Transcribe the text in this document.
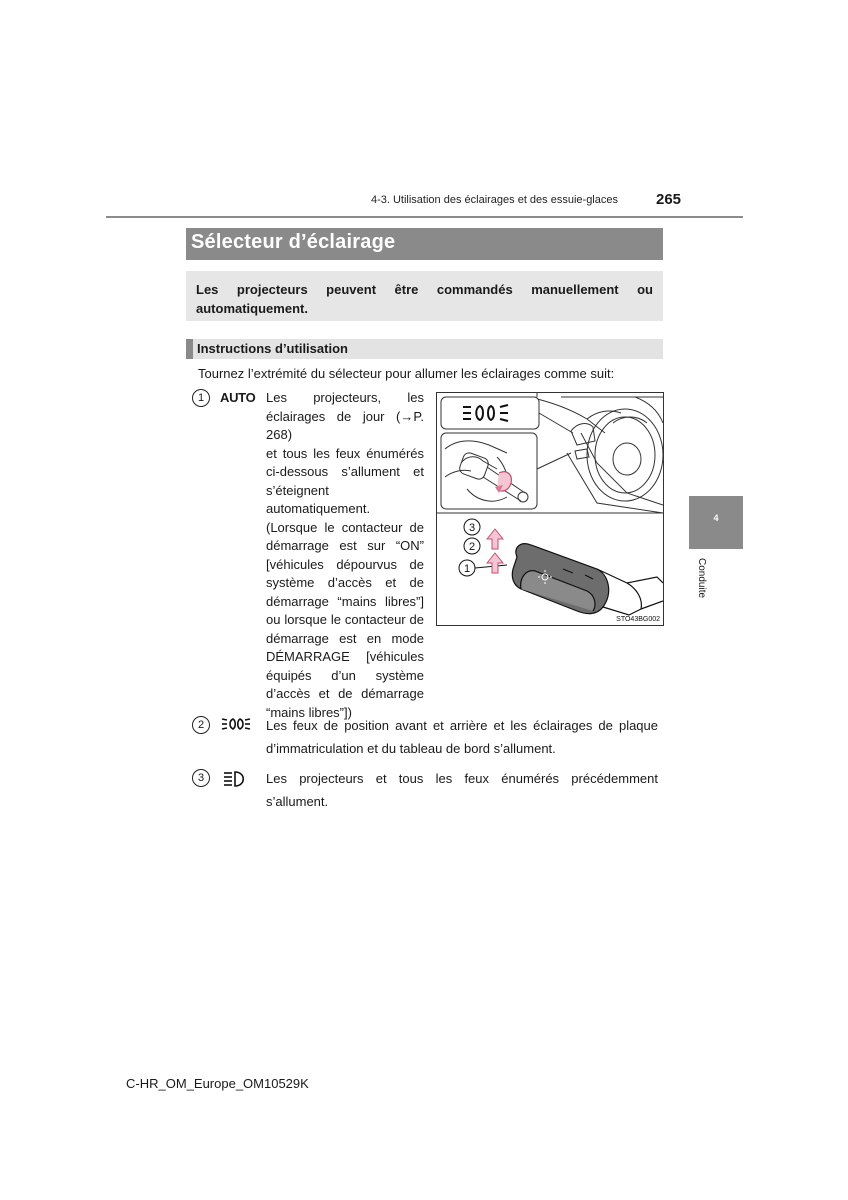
4-3. Utilisation des éclairages et des essuie-glaces	265
Sélecteur d’éclairage
Les projecteurs peuvent être commandés manuellement ou automatiquement.
Instructions d’utilisation
Tournez l’extrémité du sélecteur pour allumer les éclairages comme suit:
1	AUTO Les projecteurs, les
éclairages de jour (→P. 268)
et tous les feux énumérés
ci-dessous s’allument et
s’éteignent
automatiquement.
(Lorsque le contacteur de
démarrage est sur “ON”
[véhicules dépourvus de
système d’accès et de
démarrage “mains libres”]
ou lorsque le contacteur de
démarrage est en mode
DÉMARRAGE [véhicules
équipés d’un système
d’accès et de démarrage
“mains libres”])
3
2
1
STO43BG002
2	Les feux de position avant et arrière et les éclairages de plaque d’immatriculation et du tableau de bord s’allument.
3	Les projecteurs et tous les feux énumérés précédemment s’allument.
4
Conduite
C-HR_OM_Europe_OM10529K
